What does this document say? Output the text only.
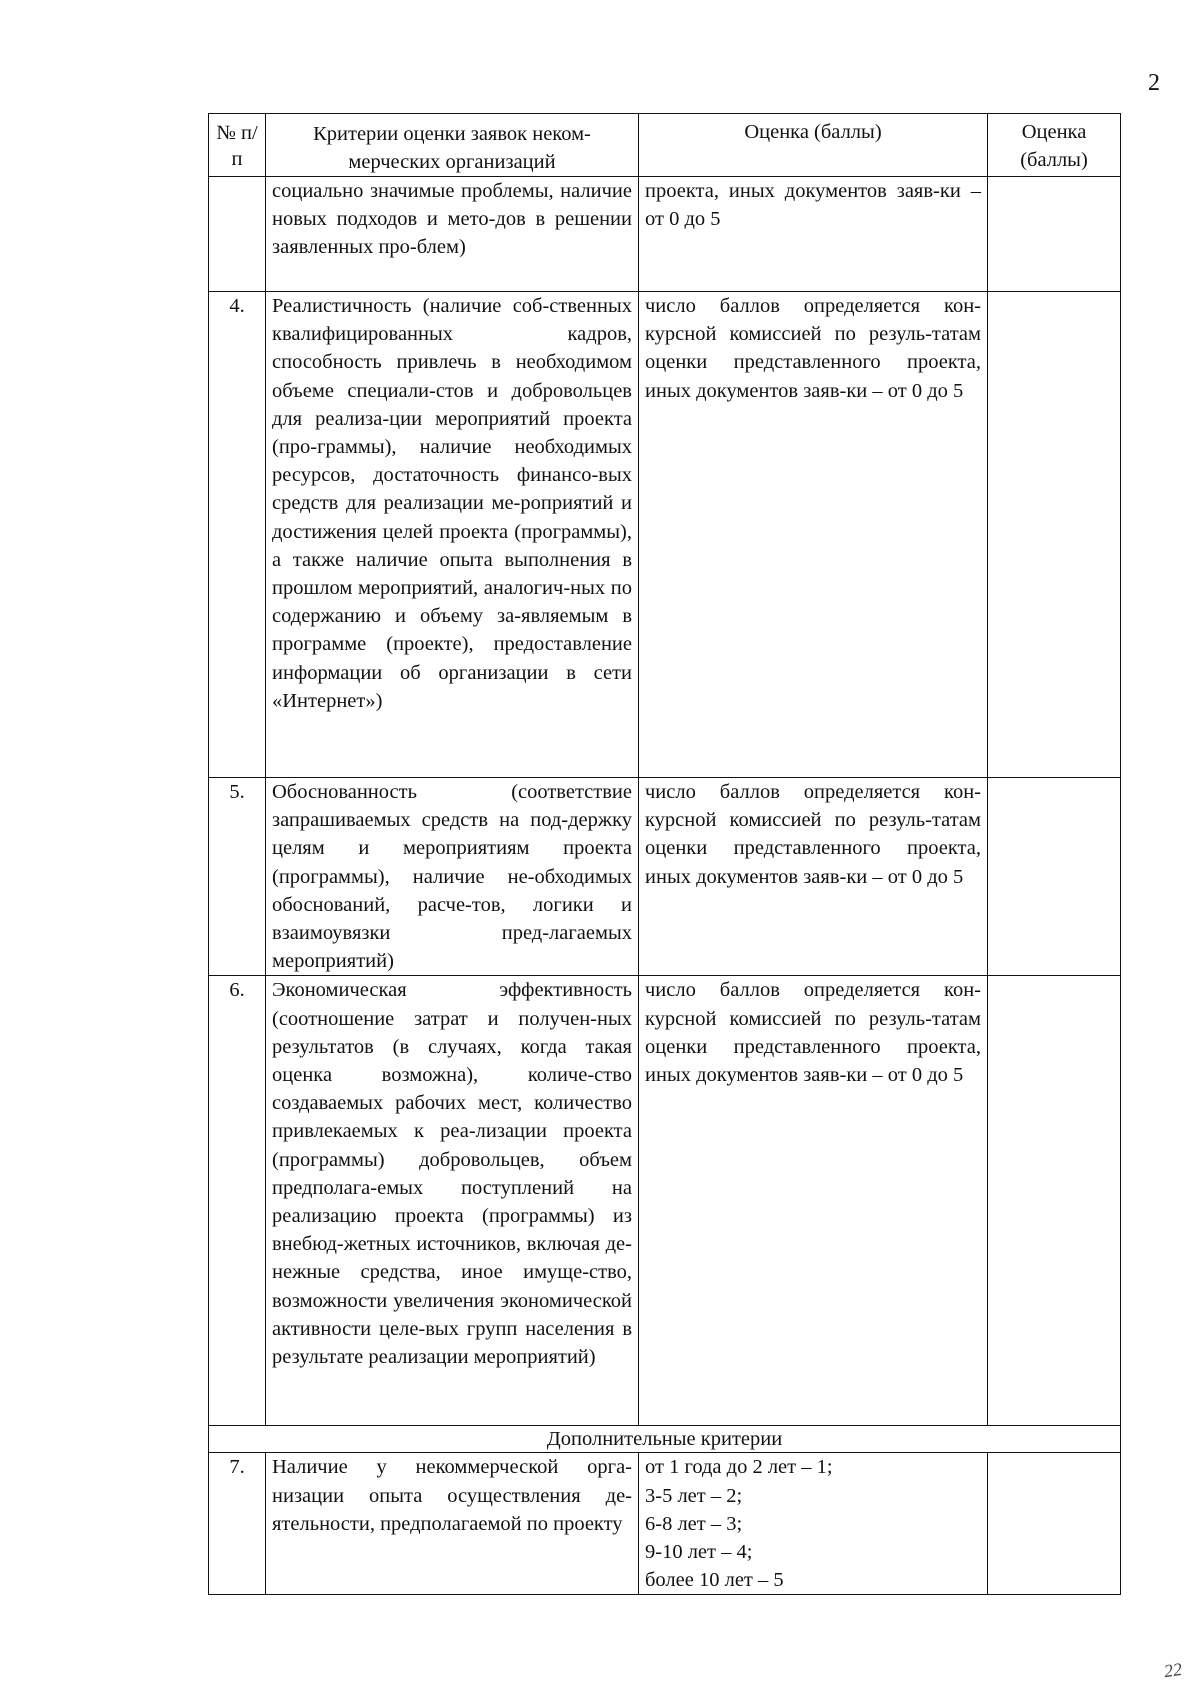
2
№ п/п	Критерии оценки заявок неком-мерческих организаций	Оценка (баллы)	Оценка (баллы)
	социально значимые проблемы, наличие новых подходов и мето-дов в решении заявленных про-блем)	проекта, иных документов заяв-ки – от 0 до 5	
4.	Реалистичность (наличие соб-ственных квалифицированных кадров, способность привлечь в необходимом объеме специали-стов и добровольцев для реализа-ции мероприятий проекта (про-граммы), наличие необходимых ресурсов, достаточность финансо-вых средств для реализации ме-роприятий и достижения целей проекта (программы), а также наличие опыта выполнения в прошлом мероприятий, аналогич-ных по содержанию и объему за-являемым в программе (проекте), предоставление информации об организации в сети «Интернет»)	число баллов определяется кон-курсной комиссией по резуль-татам оценки представленного проекта, иных документов заяв-ки – от 0 до 5	
5.	Обоснованность (соответствие запрашиваемых средств на под-держку целям и мероприятиям проекта (программы), наличие не-обходимых обоснований, расче-тов, логики и взаимоувязки пред-лагаемых мероприятий)	число баллов определяется кон-курсной комиссией по резуль-татам оценки представленного проекта, иных документов заяв-ки – от 0 до 5	
6.	Экономическая эффективность (соотношение затрат и получен-ных результатов (в случаях, когда такая оценка возможна), количе-ство создаваемых рабочих мест, количество привлекаемых к реа-лизации проекта (программы) добровольцев, объем предполага-емых поступлений на реализацию проекта (программы) из внебюд-жетных источников, включая де-нежные средства, иное имуще-ство, возможности увеличения экономической активности целе-вых групп населения в результате реализации мероприятий)	число баллов определяется кон-курсной комиссией по резуль-татам оценки представленного проекта, иных документов заяв-ки – от 0 до 5	
Дополнительные критерии			
7.	Наличие у некоммерческой орга-низации опыта осуществления де-ятельности, предполагаемой по проекту	от 1 года до 2 лет – 1;
3-5 лет – 2;
6-8 лет – 3;
9-10 лет – 4;
более 10 лет – 5	

22
